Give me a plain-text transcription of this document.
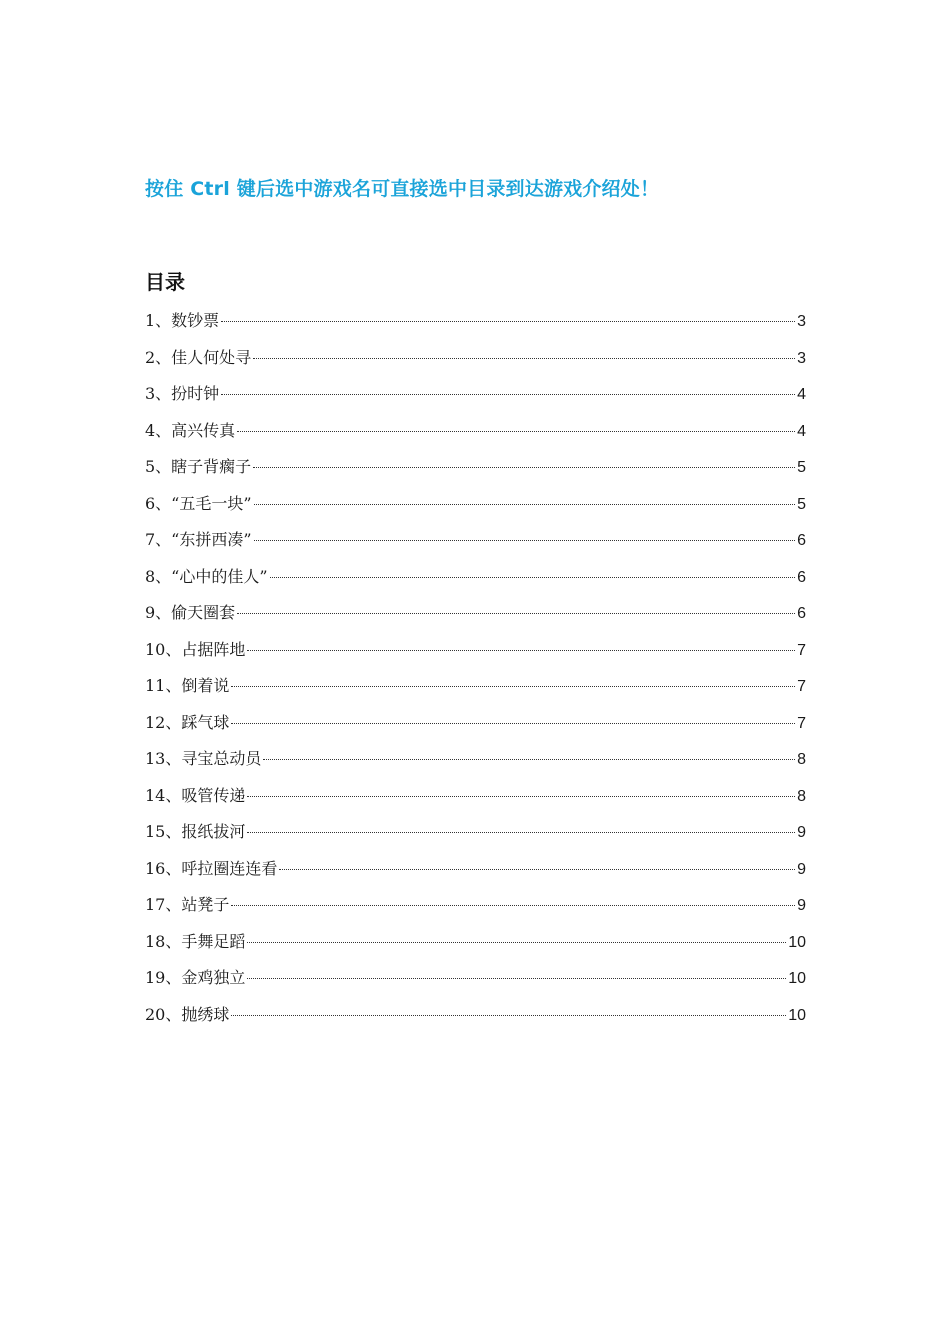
按住 Ctrl 键后选中游戏名可直接选中目录到达游戏介绍处！
目录
1、数钞票	3
2、佳人何处寻	3
3、扮时钟	4
4、高兴传真	4
5、瞎子背瘸子	5
6、“五毛一块”	5
7、“东拼西凑”	6
8、“心中的佳人”	6
9、偷天圈套	6
10、占据阵地	7
11、倒着说	7
12、踩气球	7
13、寻宝总动员	8
14、吸管传递	8
15、报纸拔河	9
16、呼拉圈连连看	9
17、站凳子	9
18、手舞足蹈	10
19、金鸡独立	10
20、抛绣球	10
